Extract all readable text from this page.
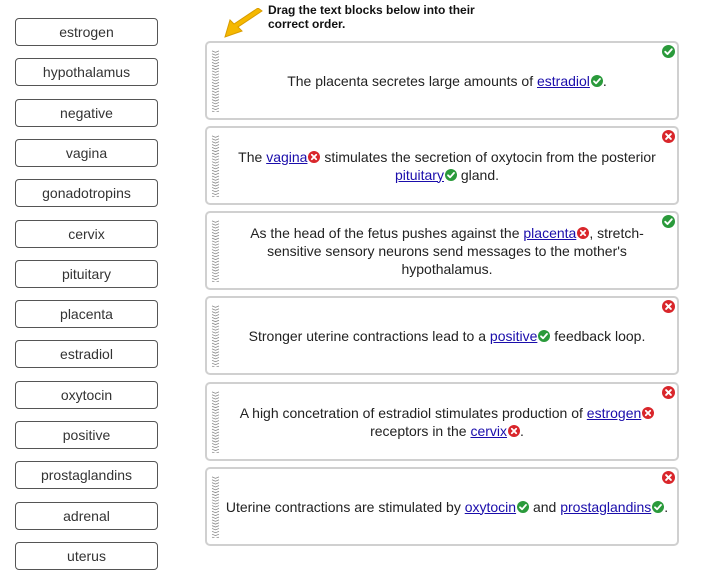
Drag the text blocks below into their correct order.
estrogen
hypothalamus
negative
vagina
gonadotropins
cervix
pituitary
placenta
estradiol
oxytocin
positive
prostaglandins
adrenal
uterus
The placenta secretes large amounts of estradiol .
The vagina
stimulates the secretion of oxytocin from the posterior pituitary
gland.
As the head of the fetus pushes against the placenta , stretch-sensitive sensory neurons send messages to the mother's hypothalamus.
Stronger uterine contractions lead to a positive
feedback loop.
A high concetration of estradiol stimulates production of estrogen
receptors in the cervix .
Uterine contractions are stimulated by oxytocin
and prostaglandins .
